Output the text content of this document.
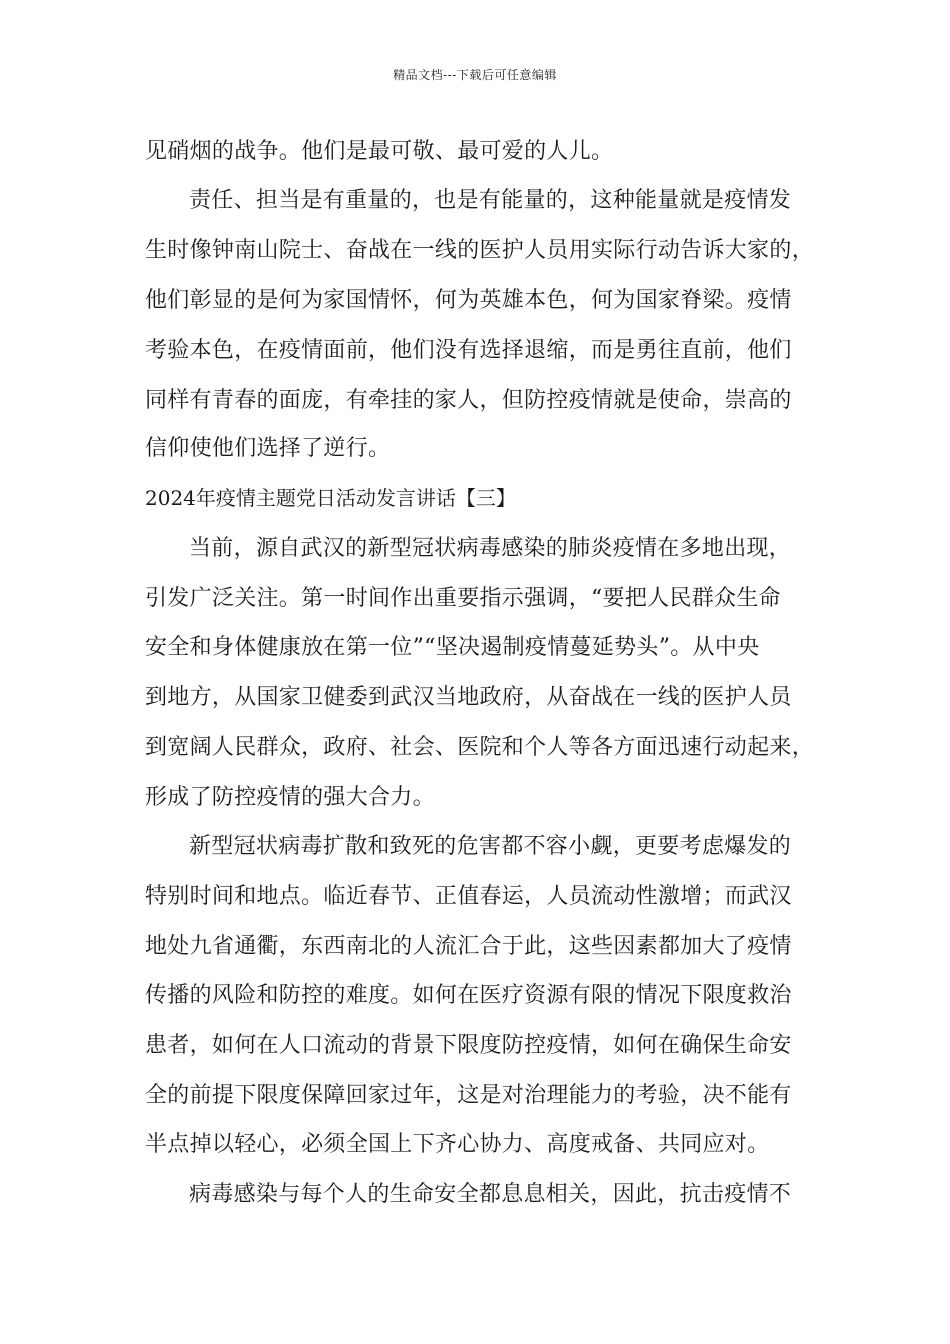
精品文档---下载后可任意编辑
见硝烟的战争。他们是最可敬、最可爱的人儿。
责任、担当是有重量的，也是有能量的，这种能量就是疫情发
生时像钟南山院士、奋战在一线的医护人员用实际行动告诉大家的，
他们彰显的是何为家国情怀，何为英雄本色，何为国家脊梁。疫情
考验本色，在疫情面前，他们没有选择退缩，而是勇往直前，他们
同样有青春的面庞，有牵挂的家人，但防控疫情就是使命，崇高的
信仰使他们选择了逆行。
2024年疫情主题党日活动发言讲话【三】
当前，源自武汉的新型冠状病毒感染的肺炎疫情在多地出现，
引发广泛关注。第一时间作出重要指示强调，“要把人民群众生命
安全和身体健康放在第一位”“坚决遏制疫情蔓延势头”。从中央
到地方，从国家卫健委到武汉当地政府，从奋战在一线的医护人员
到宽阔人民群众，政府、社会、医院和个人等各方面迅速行动起来，
形成了防控疫情的强大合力。
新型冠状病毒扩散和致死的危害都不容小觑，更要考虑爆发的
特别时间和地点。临近春节、正值春运，人员流动性激增；而武汉
地处九省通衢，东西南北的人流汇合于此，这些因素都加大了疫情
传播的风险和防控的难度。如何在医疗资源有限的情况下限度救治
患者，如何在人口流动的背景下限度防控疫情，如何在确保生命安
全的前提下限度保障回家过年，这是对治理能力的考验，决不能有
半点掉以轻心，必须全国上下齐心协力、高度戒备、共同应对。
病毒感染与每个人的生命安全都息息相关，因此，抗击疫情不
